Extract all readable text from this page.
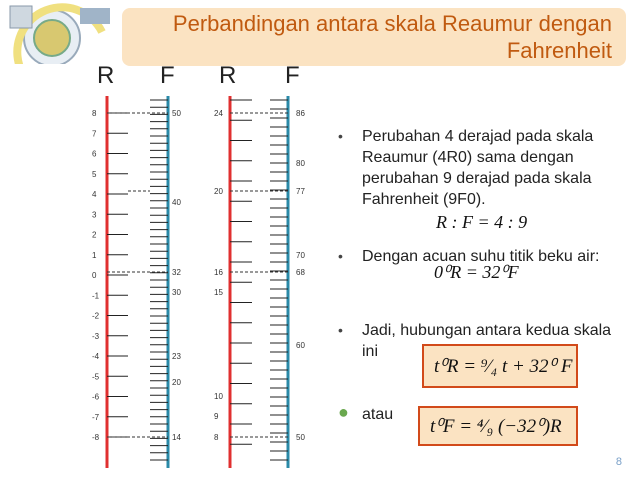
Perbandingan antara skala Reaumur dengan Fahrenheit
R F R F
8
7
6
5
4
3
2
1
0
-1
-2
-3
-4
-5
-6
-7
-8
50
40
32
30
23
20
14
24
20
16
15
10
9
8
86
80
77
70
68
60
50
• Perubahan 4 derajad pada skala Reaumur (4R0) sama dengan perubahan 9 derajad pada skala Fahrenheit (9F0).
• Dengan acuan suhu titik beku air:
• Jadi, hubungan antara kedua skala ini
● atau
R : F = 4 : 9
0⁰R = 32⁰F
t⁰R = ⁹⁄₄ t + 32⁰ F
t⁰F = ⁴⁄₉ (−32⁰)R
8
